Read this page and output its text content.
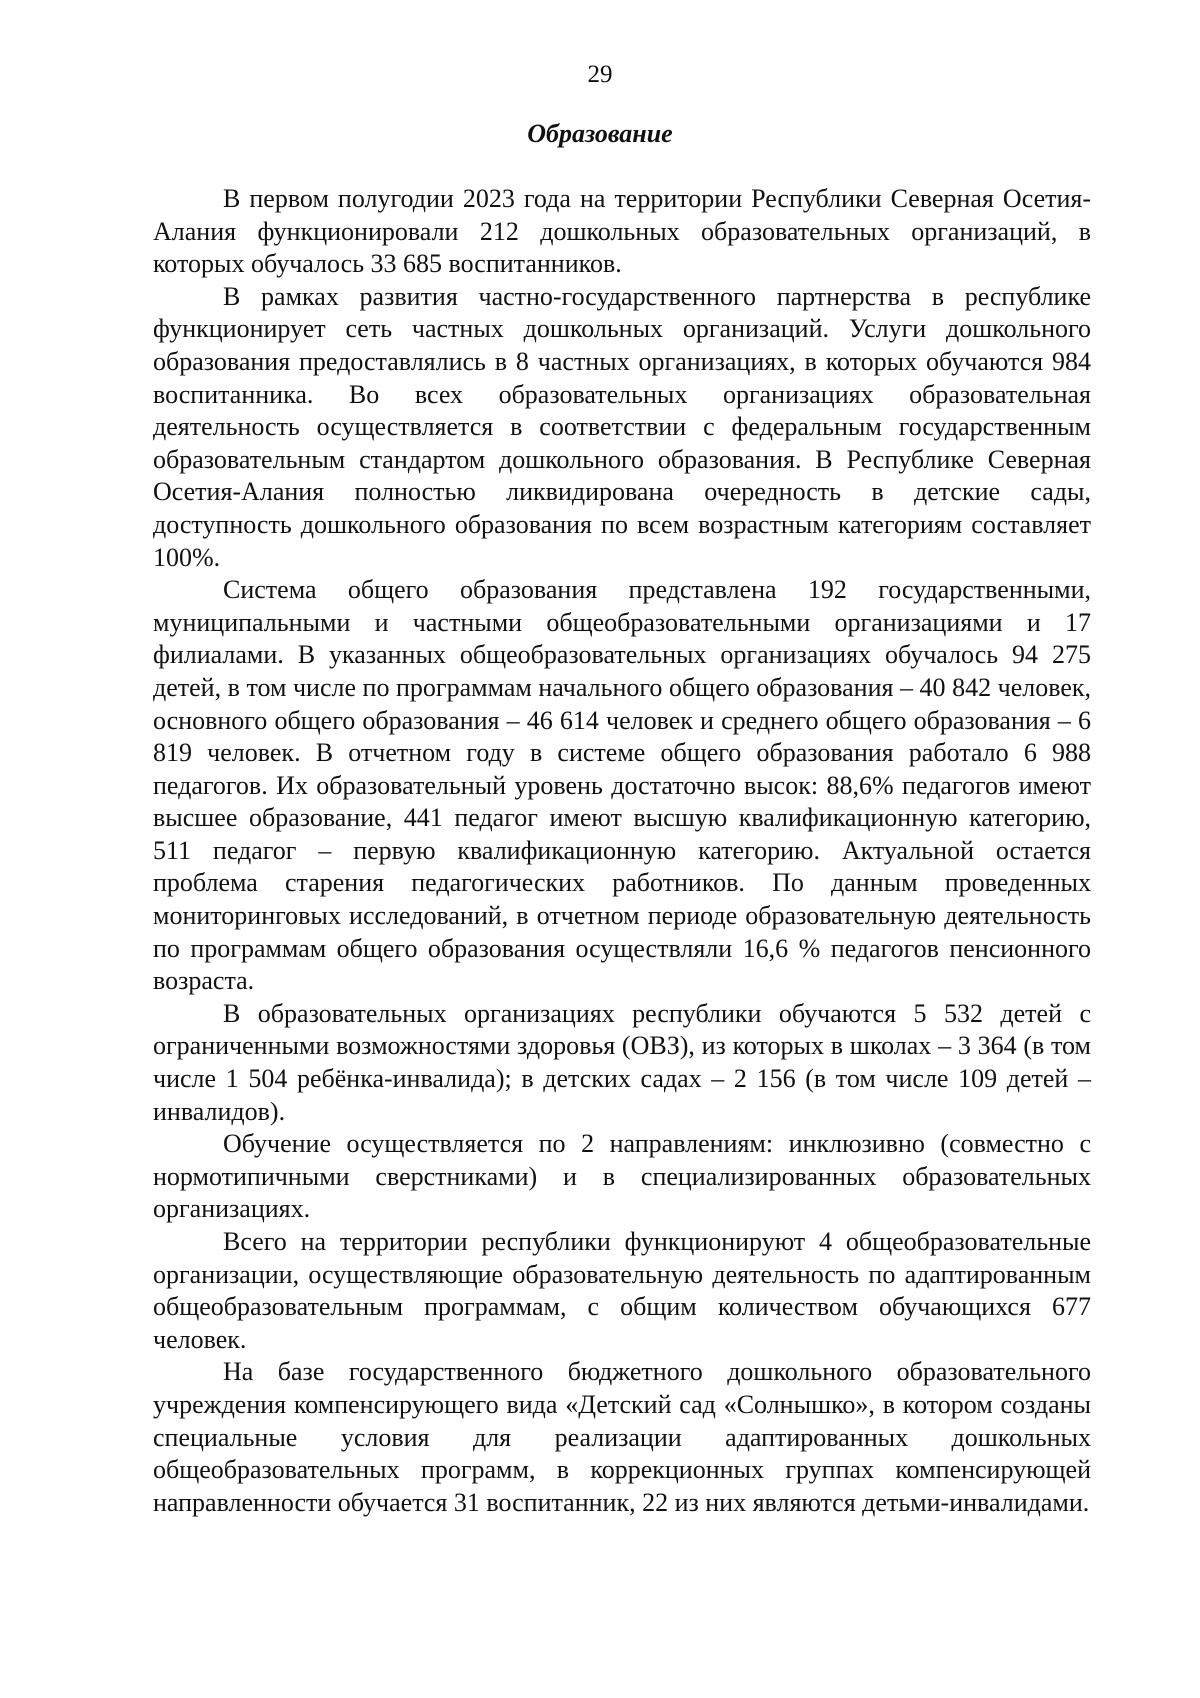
29
Образование

В первом полугодии 2023 года на территории Республики Северная Осетия-Алания функционировали 212 дошкольных образовательных организаций, в которых обучалось 33 685 воспитанников.

В рамках развития частно-государственного партнерства в республике функционирует сеть частных дошкольных организаций. Услуги дошкольного образования предоставлялись в 8 частных организациях, в которых обучаются 984 воспитанника. Во всех образовательных организациях образовательная деятельность осуществляется в соответствии с федеральным государственным образовательным стандартом дошкольного образования. В Республике Северная Осетия-Алания полностью ликвидирована очередность в детские сады, доступность дошкольного образования по всем возрастным категориям составляет 100%.

Система общего образования представлена 192 государственными, муниципальными и частными общеобразовательными организациями и 17 филиалами. В указанных общеобразовательных организациях обучалось 94 275 детей, в том числе по программам начального общего образования – 40 842 человек, основного общего образования – 46 614 человек и среднего общего образования – 6 819 человек. В отчетном году в системе общего образования работало 6 988 педагогов. Их образовательный уровень достаточно высок: 88,6% педагогов имеют высшее образование, 441 педагог имеют высшую квалификационную категорию, 511 педагог – первую квалификационную категорию. Актуальной остается проблема старения педагогических работников. По данным проведенных мониторинговых исследований, в отчетном периоде образовательную деятельность по программам общего образования осуществляли 16,6 % педагогов пенсионного возраста.

В образовательных организациях республики обучаются 5 532 детей с ограниченными возможностями здоровья (ОВЗ), из которых в школах – 3 364 (в том числе 1 504 ребёнка-инвалида); в детских садах – 2 156 (в том числе 109 детей – инвалидов).

Обучение осуществляется по 2 направлениям: инклюзивно (совместно с нормотипичными сверстниками) и в специализированных образовательных организациях.

Всего на территории республики функционируют 4 общеобразовательные организации, осуществляющие образовательную деятельность по адаптированным общеобразовательным программам, с общим количеством обучающихся 677 человек.

На базе государственного бюджетного дошкольного образовательного учреждения компенсирующего вида «Детский сад «Солнышко», в котором созданы специальные условия для реализации адаптированных дошкольных общеобразовательных программ, в коррекционных группах компенсирующей направленности обучается 31 воспитанник, 22 из них являются детьми-инвалидами.
